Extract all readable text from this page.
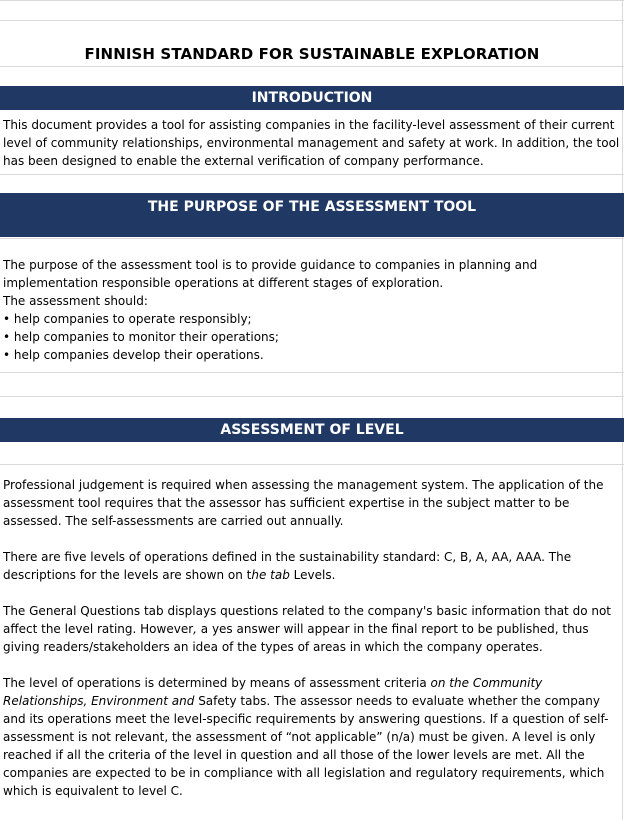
FINNISH STANDARD FOR SUSTAINABLE EXPLORATION
INTRODUCTION

This document provides a tool for assisting companies in the facility-level assessment of their current level of community relationships, environmental management and safety at work. In addition, the tool has been designed to enable the external verification of company performance.

THE PURPOSE OF THE ASSESSMENT TOOL

The purpose of the assessment tool is to provide guidance to companies in planning and implementation responsible operations at different stages of exploration.

The assessment should:

• help companies to operate responsibly;

• help companies to monitor their operations;

• help companies develop their operations.

ASSESSMENT OF LEVEL

Professional judgement is required when assessing the management system. The application of the assessment tool requires that the assessor has sufficient expertise in the subject matter to be assessed. The self-assessments are carried out annually.

There are five levels of operations defined in the sustainability standard: C, B, A, AA, AAA. The descriptions for the levels are shown on the tab Levels.

The General Questions tab displays questions related to the company's basic information that do not affect the level rating. However, a yes answer will appear in the final report to be published, thus giving readers/stakeholders an idea of the types of areas in which the company operates.

The level of operations is determined by means of assessment criteria on the Community Relationships, Environment and Safety tabs. The assessor needs to evaluate whether the company and its operations meet the level-specific requirements by answering questions. If a question of self-assessment is not relevant, the assessment of “not applicable” (n/a) must be given. A level is only reached if all the criteria of the level in question and all those of the lower levels are met. All the companies are expected to be in compliance with all legislation and regulatory requirements, which which is equivalent to level C.
